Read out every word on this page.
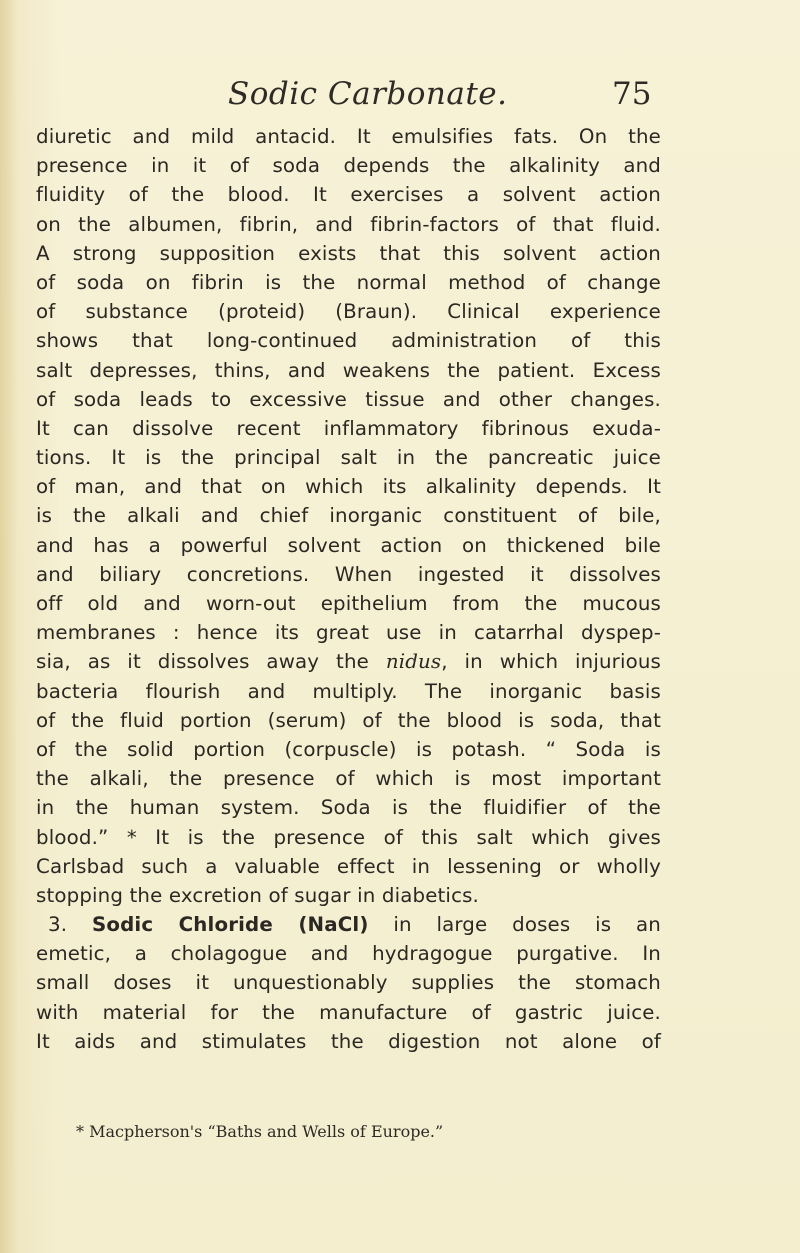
Sodic Carbonate.	75
diuretic and mild antacid. It emulsifies fats. On the
presence in it of soda depends the alkalinity and
fluidity of the blood. It exercises a solvent action
on the albumen, fibrin, and fibrin-factors of that fluid.
A strong supposition exists that this solvent action
of soda on fibrin is the normal method of change
of substance (proteid) (Braun). Clinical experience
shows that long-continued administration of this
salt depresses, thins, and weakens the patient. Excess
of soda leads to excessive tissue and other changes.
It can dissolve recent inflammatory fibrinous exuda-
tions. It is the principal salt in the pancreatic juice
of man, and that on which its alkalinity depends. It
is the alkali and chief inorganic constituent of bile,
and has a powerful solvent action on thickened bile
and biliary concretions. When ingested it dissolves
off old and worn-out epithelium from the mucous
membranes : hence its great use in catarrhal dyspep-
sia, as it dissolves away the nidus, in which injurious
bacteria flourish and multiply. The inorganic basis
of the fluid portion (serum) of the blood is soda, that
of the solid portion (corpuscle) is potash. “ Soda is
the alkali, the presence of which is most important
in the human system. Soda is the fluidifier of the
blood.” * It is the presence of this salt which gives
Carlsbad such a valuable effect in lessening or wholly
stopping the excretion of sugar in diabetics.
3. Sodic Chloride (NaCl) in large doses is an
emetic, a cholagogue and hydragogue purgative. In
small doses it unquestionably supplies the stomach
with material for the manufacture of gastric juice.
It aids and stimulates the digestion not alone of
* Macpherson's “Baths and Wells of Europe.”
